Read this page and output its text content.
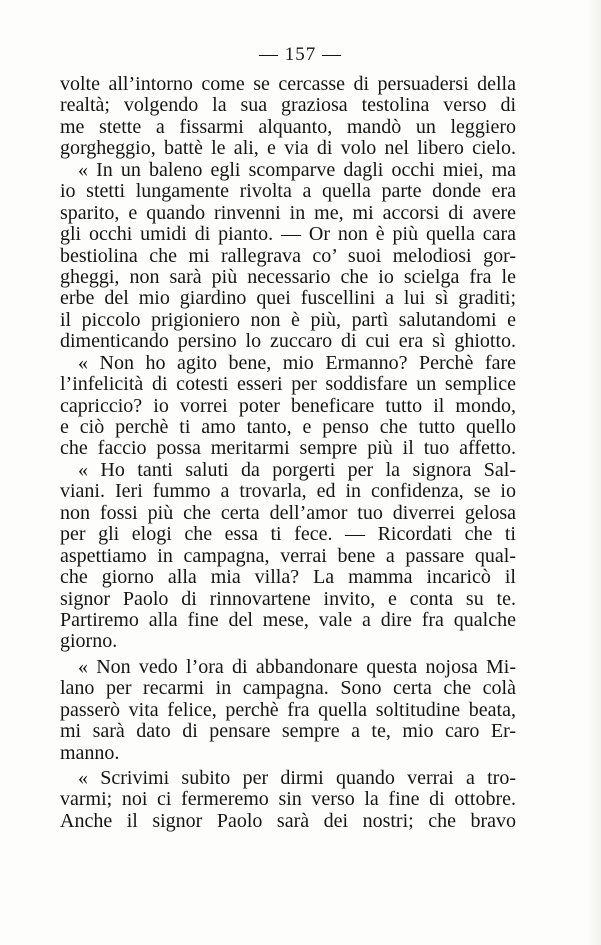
— 157 —
volte all’intorno come se cercasse di persuadersi della
realtà; volgendo la sua graziosa testolina verso di
me stette a fissarmi alquanto, mandò un leggiero
gorgheggio, battè le ali, e via di volo nel libero cielo.
« In un baleno egli scomparve dagli occhi miei, ma
io stetti lungamente rivolta a quella parte donde era
sparito, e quando rinvenni in me, mi accorsi di avere
gli occhi umidi di pianto. — Or non è più quella cara
bestiolina che mi rallegrava co’ suoi melodiosi gor-
gheggi, non sarà più necessario che io scielga fra le
erbe del mio giardino quei fuscellini a lui sì graditi;
il piccolo prigioniero non è più, partì salutandomi e
dimenticando persino lo zuccaro di cui era sì ghiotto.
« Non ho agito bene, mio Ermanno? Perchè fare
l’infelicità di cotesti esseri per soddisfare un semplice
capriccio? io vorrei poter beneficare tutto il mondo,
e ciò perchè ti amo tanto, e penso che tutto quello
che faccio possa meritarmi sempre più il tuo affetto.
« Ho tanti saluti da porgerti per la signora Sal-
viani. Ieri fummo a trovarla, ed in confidenza, se io
non fossi più che certa dell’amor tuo diverrei gelosa
per gli elogi che essa ti fece. — Ricordati che ti
aspettiamo in campagna, verrai bene a passare qual-
che giorno alla mia villa? La mamma incaricò il
signor Paolo di rinnovartene invito, e conta su te.
Partiremo alla fine del mese, vale a dire fra qualche
giorno.
« Non vedo l’ora di abbandonare questa nojosa Mi-
lano per recarmi in campagna. Sono certa che colà
passerò vita felice, perchè fra quella soltitudine beata,
mi sarà dato di pensare sempre a te, mio caro Er-
manno.
« Scrivimi subito per dirmi quando verrai a tro-
varmi; noi ci fermeremo sin verso la fine di ottobre.
Anche il signor Paolo sarà dei nostri; che bravo
